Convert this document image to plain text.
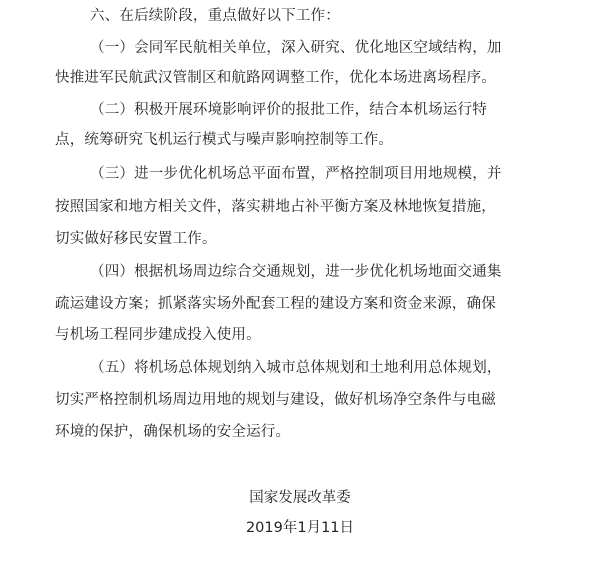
六、在后续阶段，重点做好以下工作：
（一）会同军民航相关单位，深入研究、优化地区空域结构，加
快推进军民航武汉管制区和航路网调整工作，优化本场进离场程序。
（二）积极开展环境影响评价的报批工作，结合本机场运行特
点，统筹研究飞机运行模式与噪声影响控制等工作。
（三）进一步优化机场总平面布置，严格控制项目用地规模，并
按照国家和地方相关文件，落实耕地占补平衡方案及林地恢复措施，
切实做好移民安置工作。
（四）根据机场周边综合交通规划，进一步优化机场地面交通集
疏运建设方案；抓紧落实场外配套工程的建设方案和资金来源，确保
与机场工程同步建成投入使用。
（五）将机场总体规划纳入城市总体规划和土地利用总体规划，
切实严格控制机场周边用地的规划与建设，做好机场净空条件与电磁
环境的保护，确保机场的安全运行。
国家发展改革委
2019年1月11日
